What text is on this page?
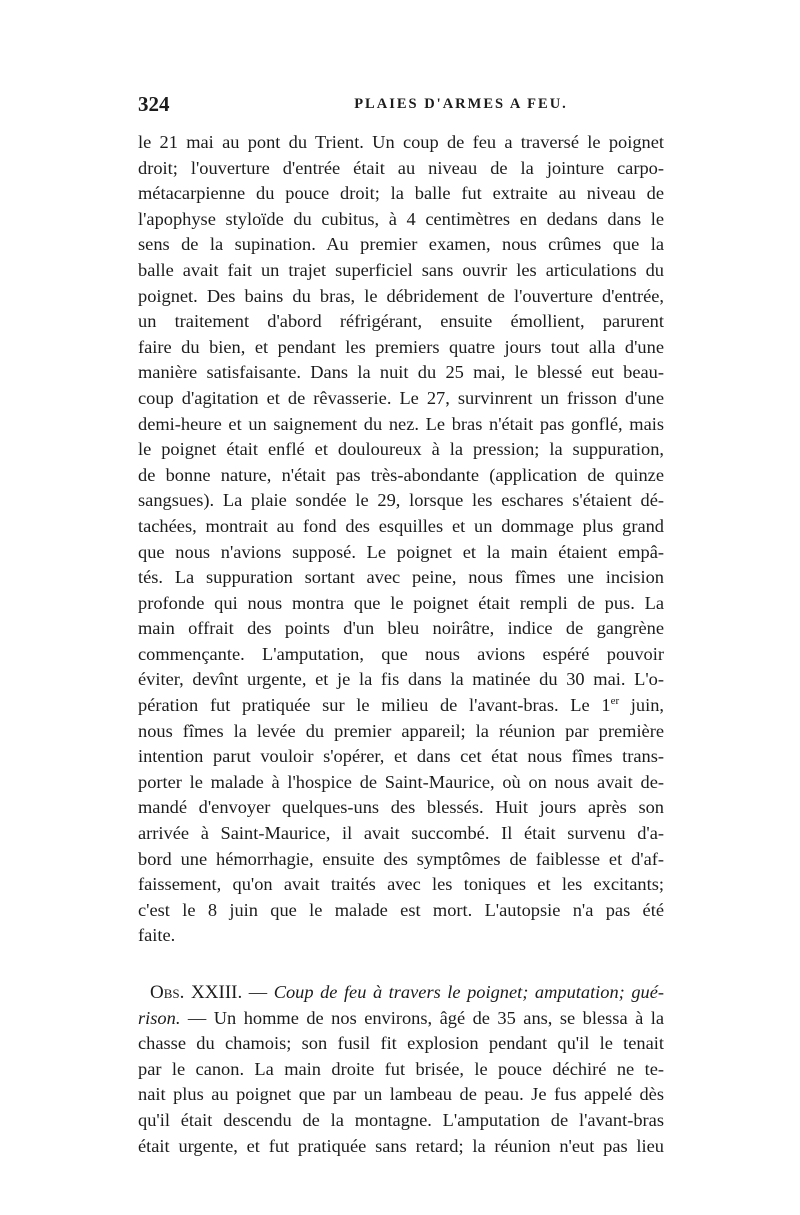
324	PLAIES D'ARMES A FEU.
le 21 mai au pont du Trient. Un coup de feu a traversé le poignet
droit; l'ouverture d'entrée était au niveau de la jointure carpo-
métacarpienne du pouce droit; la balle fut extraite au niveau de
l'apophyse styloïde du cubitus, à 4 centimètres en dedans dans le
sens de la supination. Au premier examen, nous crûmes que la
balle avait fait un trajet superficiel sans ouvrir les articulations du
poignet. Des bains du bras, le débridement de l'ouverture d'entrée,
un traitement d'abord réfrigérant, ensuite émollient, parurent
faire du bien, et pendant les premiers quatre jours tout alla d'une
manière satisfaisante. Dans la nuit du 25 mai, le blessé eut beau-
coup d'agitation et de rêvasserie. Le 27, survinrent un frisson d'une
demi-heure et un saignement du nez. Le bras n'était pas gonflé, mais
le poignet était enflé et douloureux à la pression; la suppuration,
de bonne nature, n'était pas très-abondante (application de quinze
sangsues). La plaie sondée le 29, lorsque les eschares s'étaient dé-
tachées, montrait au fond des esquilles et un dommage plus grand
que nous n'avions supposé. Le poignet et la main étaient empâ-
tés. La suppuration sortant avec peine, nous fîmes une incision
profonde qui nous montra que le poignet était rempli de pus. La
main offrait des points d'un bleu noirâtre, indice de gangrène
commençante. L'amputation, que nous avions espéré pouvoir
éviter, devînt urgente, et je la fis dans la matinée du 30 mai. L'o-
pération fut pratiquée sur le milieu de l'avant-bras. Le 1er juin,
nous fîmes la levée du premier appareil; la réunion par première
intention parut vouloir s'opérer, et dans cet état nous fîmes trans-
porter le malade à l'hospice de Saint-Maurice, où on nous avait de-
mandé d'envoyer quelques-uns des blessés. Huit jours après son
arrivée à Saint-Maurice, il avait succombé. Il était survenu d'a-
bord une hémorrhagie, ensuite des symptômes de faiblesse et d'af-
faissement, qu'on avait traités avec les toniques et les excitants;
c'est le 8 juin que le malade est mort. L'autopsie n'a pas été
faite.
Obs. XXIII. — Coup de feu à travers le poignet; amputation; gué-
rison. — Un homme de nos environs, âgé de 35 ans, se blessa à la
chasse du chamois; son fusil fit explosion pendant qu'il le tenait
par le canon. La main droite fut brisée, le pouce déchiré ne te-
nait plus au poignet que par un lambeau de peau. Je fus appelé dès
qu'il était descendu de la montagne. L'amputation de l'avant-bras
était urgente, et fut pratiquée sans retard; la réunion n'eut pas lieu
